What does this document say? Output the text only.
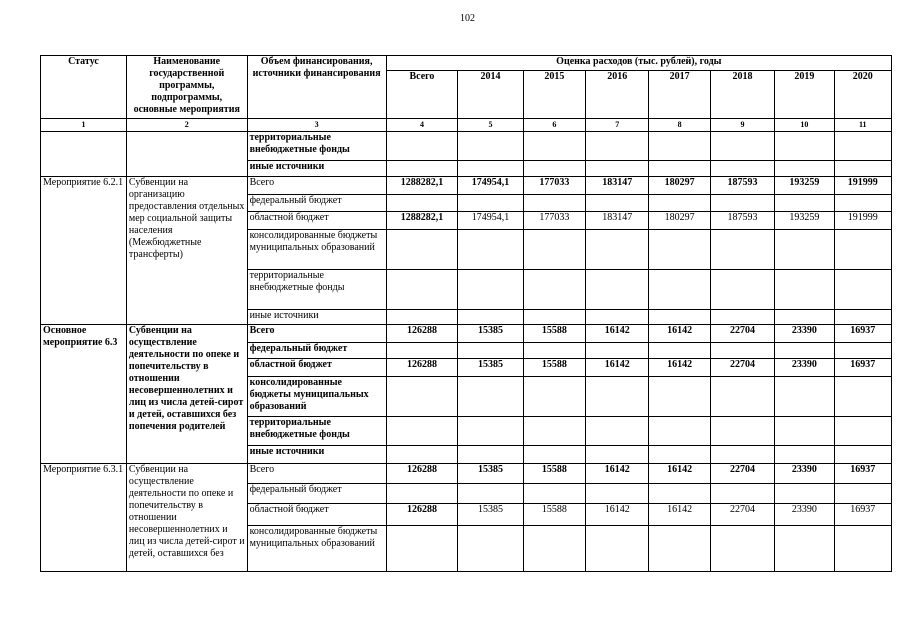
102
Статус	Наименование государственной программы, подпрограммы, основные мероприятия	Объем финансирования, источники финансирования	Оценка расходов (тыс. рублей), годы							
			Всего	2014	2015	2016	2017	2018	2019	2020
1	2	3	4	5	6	7	8	9	10	11
		территориальные внебюджетные фонды								
		иные источники								
Мероприятие 6.2.1	Субвенции на организацию предоставления отдельных мер социальной защиты населения (Межбюджетные трансферты)	Всего	1288282,1	174954,1	177033	183147	180297	187593	193259	191999
		федеральный бюджет								
		областной бюджет	1288282,1	174954,1	177033	183147	180297	187593	193259	191999
		консолидированные бюджеты муниципальных образований								
		территориальные внебюджетные фонды								
		иные источники								
Основное мероприятие 6.3	Субвенции на осуществление деятельности по опеке и попечительству в отношении несовершеннолетних и лиц из числа детей-сирот и детей, оставшихся без попечения родителей	Всего	126288	15385	15588	16142	16142	22704	23390	16937
		федеральный бюджет								
		областной бюджет	126288	15385	15588	16142	16142	22704	23390	16937
		консолидированные бюджеты муниципальных образований								
		территориальные внебюджетные фонды								
		иные источники								
Мероприятие 6.3.1	Субвенции на осуществление деятельности по опеке и попечительству в отношении несовершеннолетних и лиц из числа детей-сирот и детей, оставшихся без	Всего	126288	15385	15588	16142	16142	22704	23390	16937
		федеральный бюджет								
		областной бюджет	126288	15385	15588	16142	16142	22704	23390	16937
		консолидированные бюджеты муниципальных образований								
